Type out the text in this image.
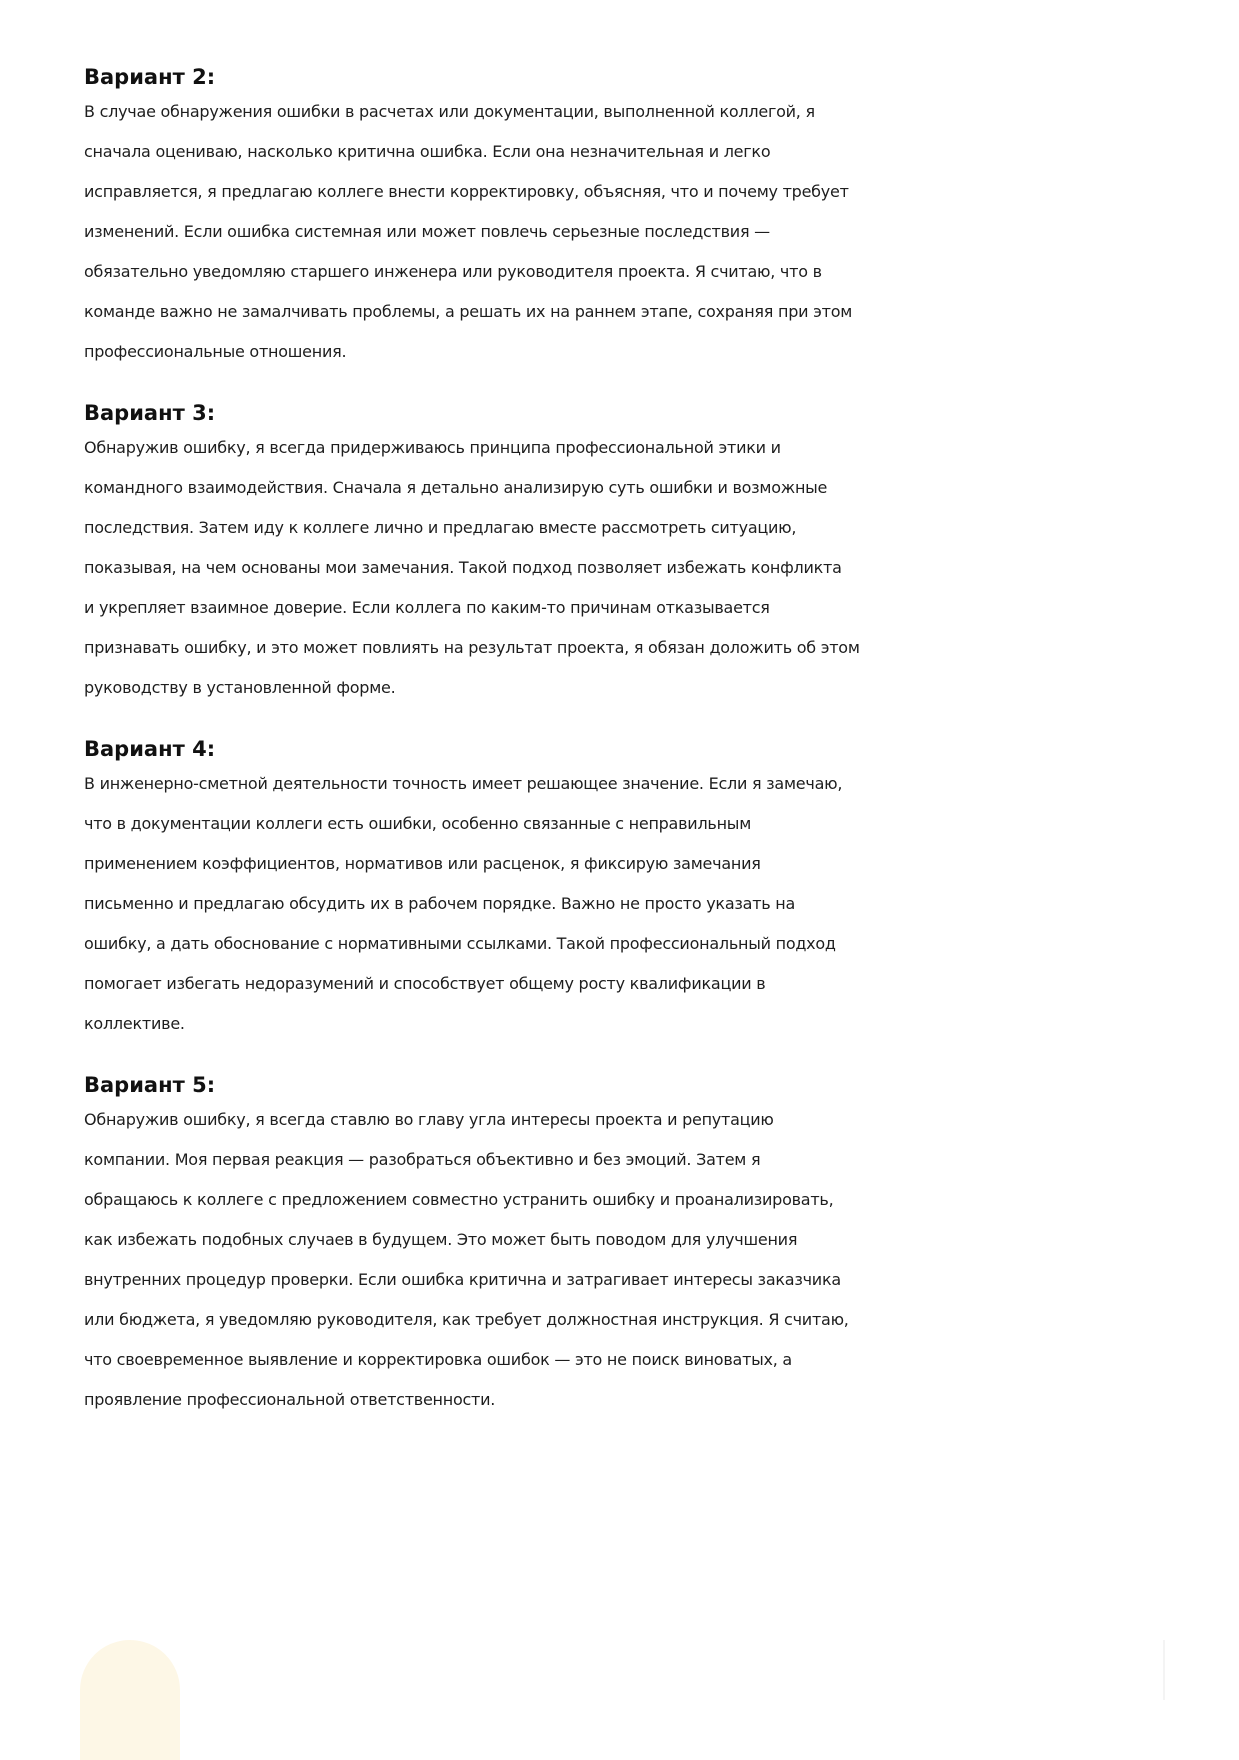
Вариант 2:
В случае обнаружения ошибки в расчетах или документации, выполненной коллегой, я
сначала оцениваю, насколько критична ошибка. Если она незначительная и легко
исправляется, я предлагаю коллеге внести корректировку, объясняя, что и почему требует
изменений. Если ошибка системная или может повлечь серьезные последствия —
обязательно уведомляю старшего инженера или руководителя проекта. Я считаю, что в
команде важно не замалчивать проблемы, а решать их на раннем этапе, сохраняя при этом
профессиональные отношения.
Вариант 3:
Обнаружив ошибку, я всегда придерживаюсь принципа профессиональной этики и
командного взаимодействия. Сначала я детально анализирую суть ошибки и возможные
последствия. Затем иду к коллеге лично и предлагаю вместе рассмотреть ситуацию,
показывая, на чем основаны мои замечания. Такой подход позволяет избежать конфликта
и укрепляет взаимное доверие. Если коллега по каким-то причинам отказывается
признавать ошибку, и это может повлиять на результат проекта, я обязан доложить об этом
руководству в установленной форме.
Вариант 4:
В инженерно-сметной деятельности точность имеет решающее значение. Если я замечаю,
что в документации коллеги есть ошибки, особенно связанные с неправильным
применением коэффициентов, нормативов или расценок, я фиксирую замечания
письменно и предлагаю обсудить их в рабочем порядке. Важно не просто указать на
ошибку, а дать обоснование с нормативными ссылками. Такой профессиональный подход
помогает избегать недоразумений и способствует общему росту квалификации в
коллективе.
Вариант 5:
Обнаружив ошибку, я всегда ставлю во главу угла интересы проекта и репутацию
компании. Моя первая реакция — разобраться объективно и без эмоций. Затем я
обращаюсь к коллеге с предложением совместно устранить ошибку и проанализировать,
как избежать подобных случаев в будущем. Это может быть поводом для улучшения
внутренних процедур проверки. Если ошибка критична и затрагивает интересы заказчика
или бюджета, я уведомляю руководителя, как требует должностная инструкция. Я считаю,
что своевременное выявление и корректировка ошибок — это не поиск виноватых, а
проявление профессиональной ответственности.
